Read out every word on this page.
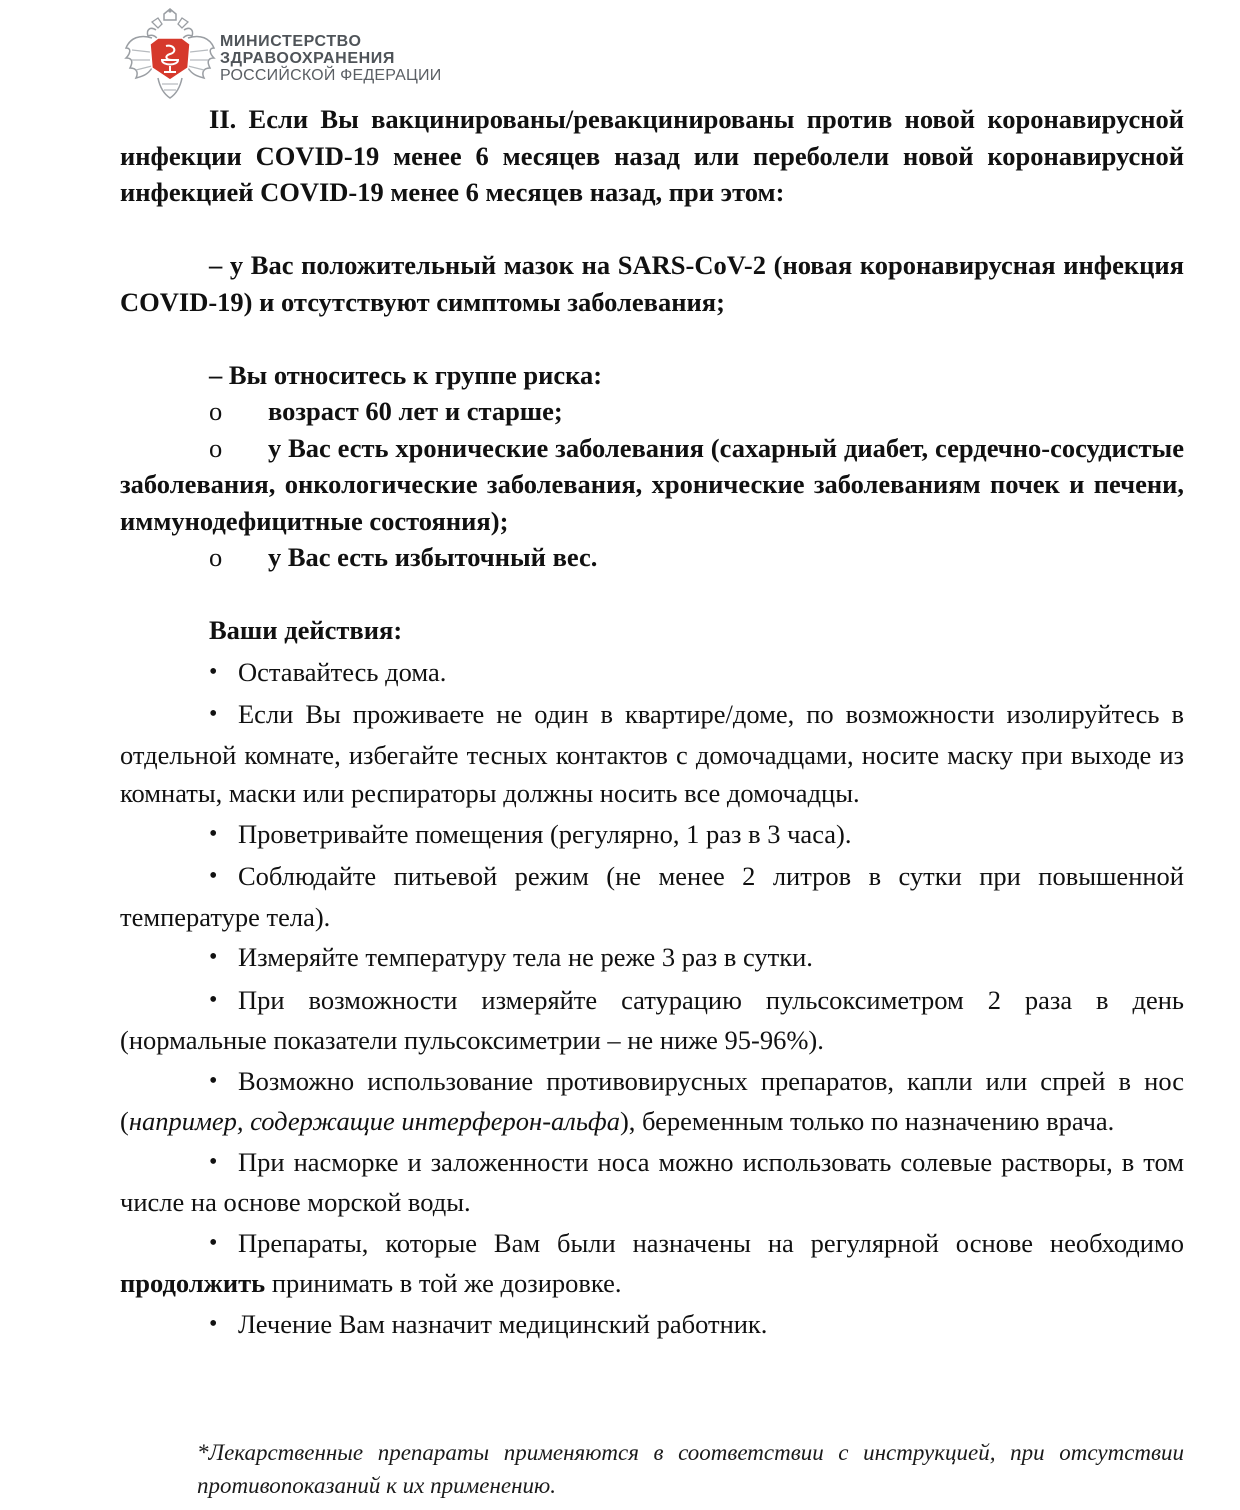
МИНИСТЕРСТВО
ЗДРАВООХРАНЕНИЯ
РОССИЙСКОЙ ФЕДЕРАЦИИ

II. Если Вы вакцинированы/ревакцинированы против новой коронавирусной инфекции COVID-19 менее 6 месяцев назад или переболели новой коронавирусной инфекцией COVID-19 менее 6 месяцев назад, при этом:

– у Вас положительный мазок на SARS-CoV-2 (новая коронавирусная инфекция COVID-19) и отсутствуют симптомы заболевания;

– Вы относитесь к группе риска:

o возраст 60 лет и старше;

o у Вас есть хронические заболевания (сахарный диабет, сердечно-сосудистые заболевания, онкологические заболевания, хронические заболеваниям почек и печени, иммунодефицитные состояния);

o у Вас есть избыточный вес.

Ваши действия:

• Оставайтесь дома.

• Если Вы проживаете не один в квартире/доме, по возможности изолируйтесь в отдельной комнате, избегайте тесных контактов с домочадцами, носите маску при выходе из комнаты, маски или респираторы должны носить все домочадцы.

• Проветривайте помещения (регулярно, 1 раз в 3 часа).

• Соблюдайте питьевой режим (не менее 2 литров в сутки при повышенной температуре тела).

• Измеряйте температуру тела не реже 3 раз в сутки.

• При возможности измеряйте сатурацию пульсоксиметром 2 раза в день (нормальные показатели пульсоксиметрии – не ниже 95-96%).

• Возможно использование противовирусных препаратов, капли или спрей в нос (например, содержащие интерферон-альфа), беременным только по назначению врача.

• При насморке и заложенности носа можно использовать солевые растворы, в том числе на основе морской воды.

• Препараты, которые Вам были назначены на регулярной основе необходимо продолжить принимать в той же дозировке.

• Лечение Вам назначит медицинский работник.

*Лекарственные препараты применяются в соответствии с инструкцией, при отсутствии противопоказаний к их применению.
